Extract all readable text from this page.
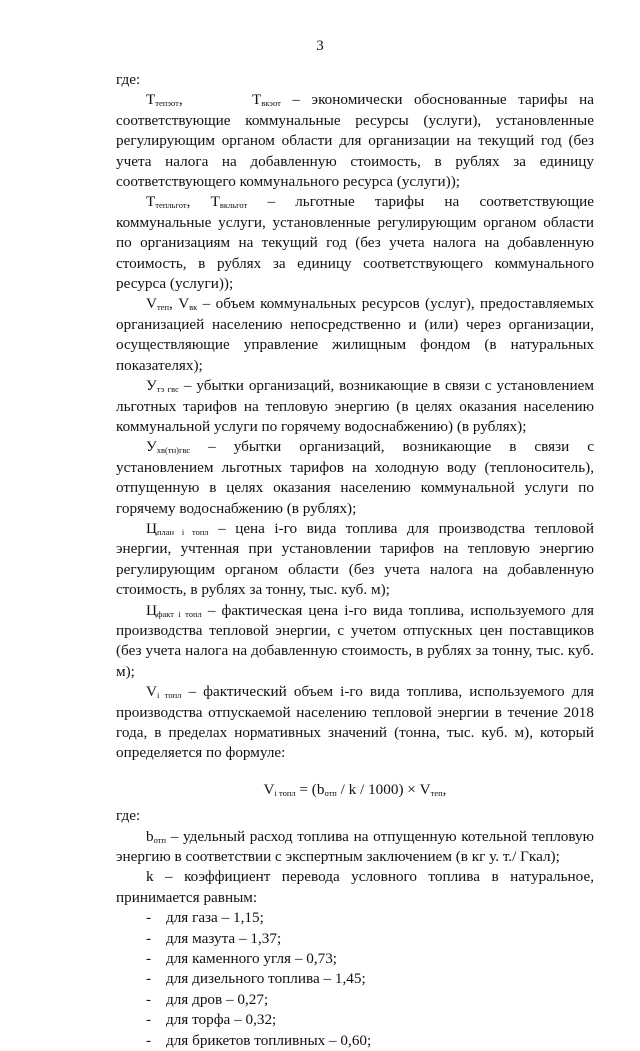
3

где:

$Т_{тепэот}$,      $Т_{вкэот}$ – экономически обоснованные тарифы на соответствующие коммунальные ресурсы (услуги), установленные регулирующим органом области для организации на текущий год (без учета налога на добавленную стоимость, в рублях за единицу соответствующего коммунального ресурса (услуги));

$Т_{тепльгот}$, $Т_{вкльгот}$ – льготные тарифы на соответствующие коммунальные услуги, установленные регулирующим органом области по организациям на текущий год (без учета налога на добавленную стоимость, в рублях за единицу соответствующего коммунального ресурса (услуги));

$V_{теп}$, $V_{вк}$ – объем коммунальных ресурсов (услуг), предоставляемых организацией населению непосредственно и (или) через организации, осуществляющие управление жилищным фондом (в натуральных показателях);

$У_{тэ гвс}$ – убытки организаций, возникающие в связи с установлением льготных тарифов на тепловую энергию (в целях оказания населению коммунальной услуги по горячему водоснабжению) (в рублях);

$У_{хв(тн)гвс}$ – убытки организаций, возникающие в связи с установлением льготных тарифов на холодную воду (теплоноситель), отпущенную в целях оказания населению коммунальной услуги по горячему водоснабжению (в рублях);

$Ц_{план i топл}$ – цена i-го вида топлива для производства тепловой энергии, учтенная при установлении тарифов на тепловую энергию регулирующим органом области (без учета налога на добавленную стоимость, в рублях за тонну, тыс. куб. м);

$Ц_{факт i топл}$ – фактическая цена i-го вида топлива, используемого для производства тепловой энергии, с учетом отпускных цен поставщиков (без учета налога на добавленную стоимость, в рублях за тонну, тыс. куб. м);

$V_{i топл}$ – фактический объем i-го вида топлива, используемого для производства отпускаемой населению тепловой энергии в течение 2018 года, в пределах нормативных значений (тонна, тыс. куб. м), который определяется по формуле:

$V_{i топл} = (b_{отп} / k / 1000) \times V_{теп}$,

где:

$b_{отп}$ – удельный расход топлива на отпущенную котельной тепловую энергию в соответствии с экспертным заключением (в кг у. т./ Гкал);

k – коэффициент перевода условного топлива в натуральное, принимается равным:

- для газа – 1,15;
- для мазута – 1,37;
- для каменного угля – 0,73;
- для дизельного топлива – 1,45;
- для дров – 0,27;
- для торфа – 0,32;
- для брикетов топливных – 0,60;
